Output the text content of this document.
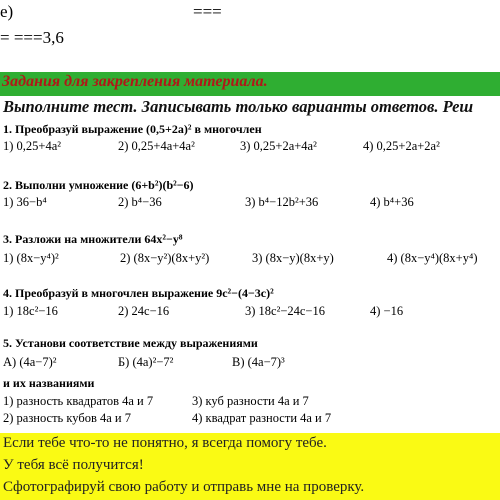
e)	===
= ===3,6
Задания для закрепления материала.
Выполните тест. Записывать только варианты ответов. Реш
1. Преобразуй выражение (0,5+2a)² в многочлен
1) 0,25+4a²	2) 0,25+4a+4a²	3) 0,25+2a+4a²	4) 0,25+2a+2a²
2. Выполни умножение (6+b²)(b²−6)
1) 36−b⁴	2) b⁴−36	3) b⁴−12b²+36	4) b⁴+36
3. Разложи на множители 64x²−y⁸
1) (8x−y⁴)²	2) (8x−y²)(8x+y²)	3) (8x−y)(8x+y)	4) (8x−y⁴)(8x+y⁴)
4. Преобразуй в многочлен выражение 9c²−(4−3c)²
1) 18c²−16	2) 24c−16	3) 18c²−24c−16	4) −16
5. Установи соответствие между выражениями
А) (4a−7)²	Б) (4a)²−7²	В) (4a−7)³
и их названиями
1) разность квадратов 4a и 7	3) куб разности 4a и 7
2) разность кубов 4a и 7	4) квадрат разности 4a и 7
Если тебе что-то не понятно, я всегда помогу тебе.
У тебя всё получится!
Сфотографируй свою работу и отправь мне на проверку.
